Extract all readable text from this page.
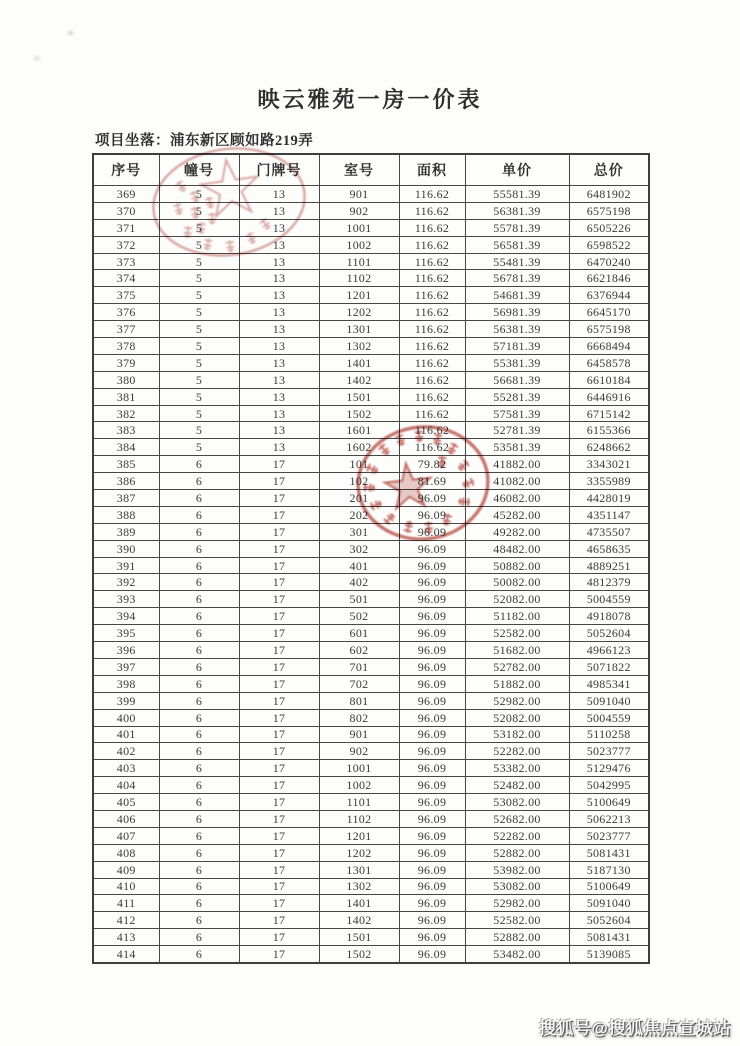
映云雅苑一房一价表
项目坐落：浦东新区顾如路219弄
序号	幢号	门牌号	室号	面积	单价	总价
369	5	13	901	116.62	55581.39	6481902
370	5	13	902	116.62	56381.39	6575198
371	5	13	1001	116.62	55781.39	6505226
372	5	13	1002	116.62	56581.39	6598522
373	5	13	1101	116.62	55481.39	6470240
374	5	13	1102	116.62	56781.39	6621846
375	5	13	1201	116.62	54681.39	6376944
376	5	13	1202	116.62	56981.39	6645170
377	5	13	1301	116.62	56381.39	6575198
378	5	13	1302	116.62	57181.39	6668494
379	5	13	1401	116.62	55381.39	6458578
380	5	13	1402	116.62	56681.39	6610184
381	5	13	1501	116.62	55281.39	6446916
382	5	13	1502	116.62	57581.39	6715142
383	5	13	1601	116.62	52781.39	6155366
384	5	13	1602	116.62	53581.39	6248662
385	6	17	101	79.82	41882.00	3343021
386	6	17	102	81.69	41082.00	3355989
387	6	17	201	96.09	46082.00	4428019
388	6	17	202	96.09	45282.00	4351147
389	6	17	301	96.09	49282.00	4735507
390	6	17	302	96.09	48482.00	4658635
391	6	17	401	96.09	50882.00	4889251
392	6	17	402	96.09	50082.00	4812379
393	6	17	501	96.09	52082.00	5004559
394	6	17	502	96.09	51182.00	4918078
395	6	17	601	96.09	52582.00	5052604
396	6	17	602	96.09	51682.00	4966123
397	6	17	701	96.09	52782.00	5071822
398	6	17	702	96.09	51882.00	4985341
399	6	17	801	96.09	52982.00	5091040
400	6	17	802	96.09	52082.00	5004559
401	6	17	901	96.09	53182.00	5110258
402	6	17	902	96.09	52282.00	5023777
403	6	17	1001	96.09	53382.00	5129476
404	6	17	1002	96.09	52482.00	5042995
405	6	17	1101	96.09	53082.00	5100649
406	6	17	1102	96.09	52682.00	5062213
407	6	17	1201	96.09	52282.00	5023777
408	6	17	1202	96.09	52882.00	5081431
409	6	17	1301	96.09	53982.00	5187130
410	6	17	1302	96.09	53082.00	5100649
411	6	17	1401	96.09	52982.00	5091040
412	6	17	1402	96.09	52582.00	5052604
413	6	17	1501	96.09	52882.00	5081431
414	6	17	1502	96.09	53482.00	5139085
搜狐号@搜狐焦点宣城站
